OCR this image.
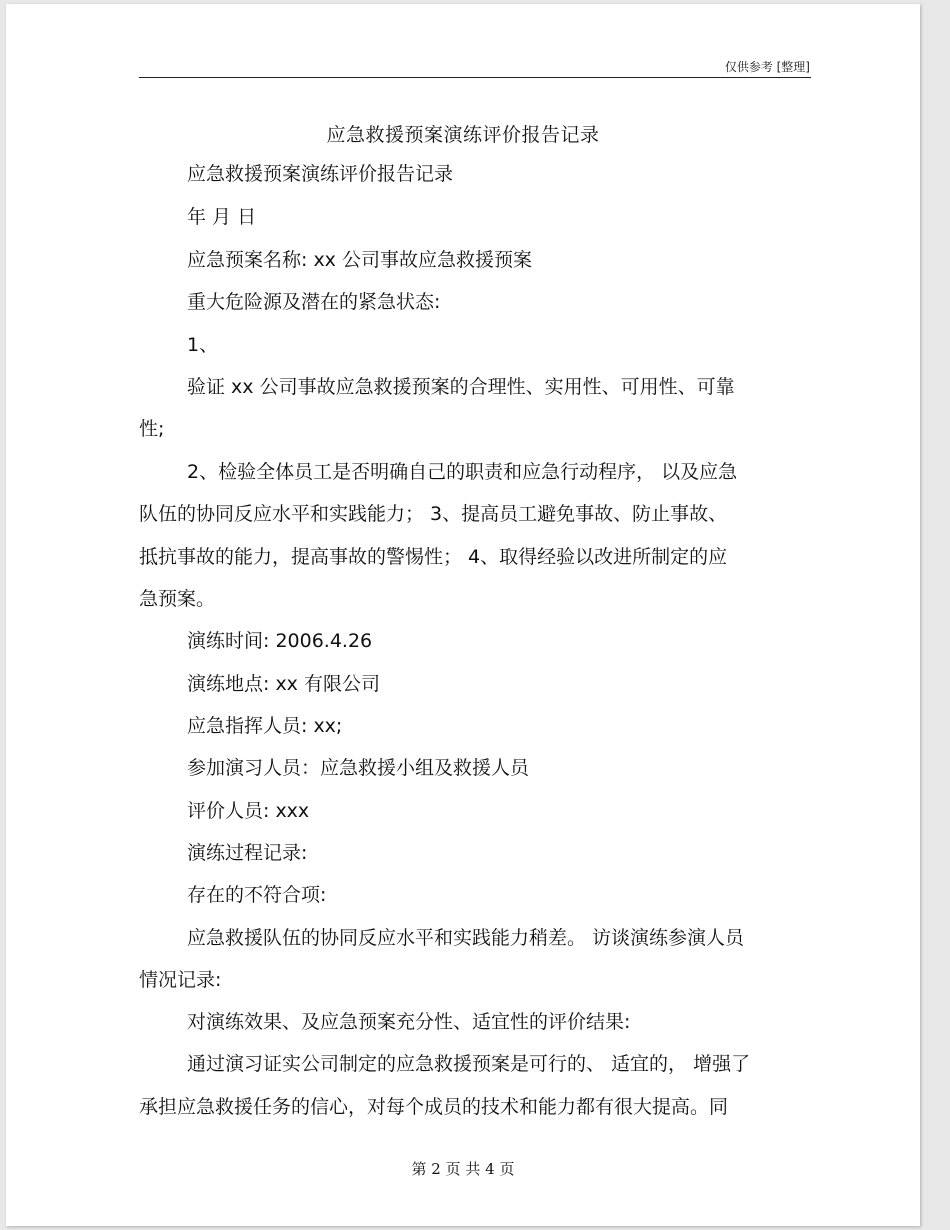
仅供参考 [整理]
应急救援预案演练评价报告记录
应急救援预案演练评价报告记录
年 月 日
应急预案名称: xx 公司事故应急救援预案
重大危险源及潜在的紧急状态:
1、
验证 xx 公司事故应急救援预案的合理性、实用性、可用性、可靠
性;
2、检验全体员工是否明确自己的职责和应急行动程序， 以及应急
队伍的协同反应水平和实践能力； 3、提高员工避免事故、防止事故、
抵抗事故的能力，提高事故的警惕性； 4、取得经验以改进所制定的应
急预案。
演练时间: 2006.4.26
演练地点: xx 有限公司
应急指挥人员: xx;
参加演习人员：应急救援小组及救援人员
评价人员: xxx
演练过程记录:
存在的不符合项:
应急救援队伍的协同反应水平和实践能力稍差。 访谈演练参演人员
情况记录:
对演练效果、及应急预案充分性、适宜性的评价结果:
通过演习证实公司制定的应急救援预案是可行的、 适宜的， 增强了
承担应急救援任务的信心，对每个成员的技术和能力都有很大提高。同
第 2 页 共 4 页
